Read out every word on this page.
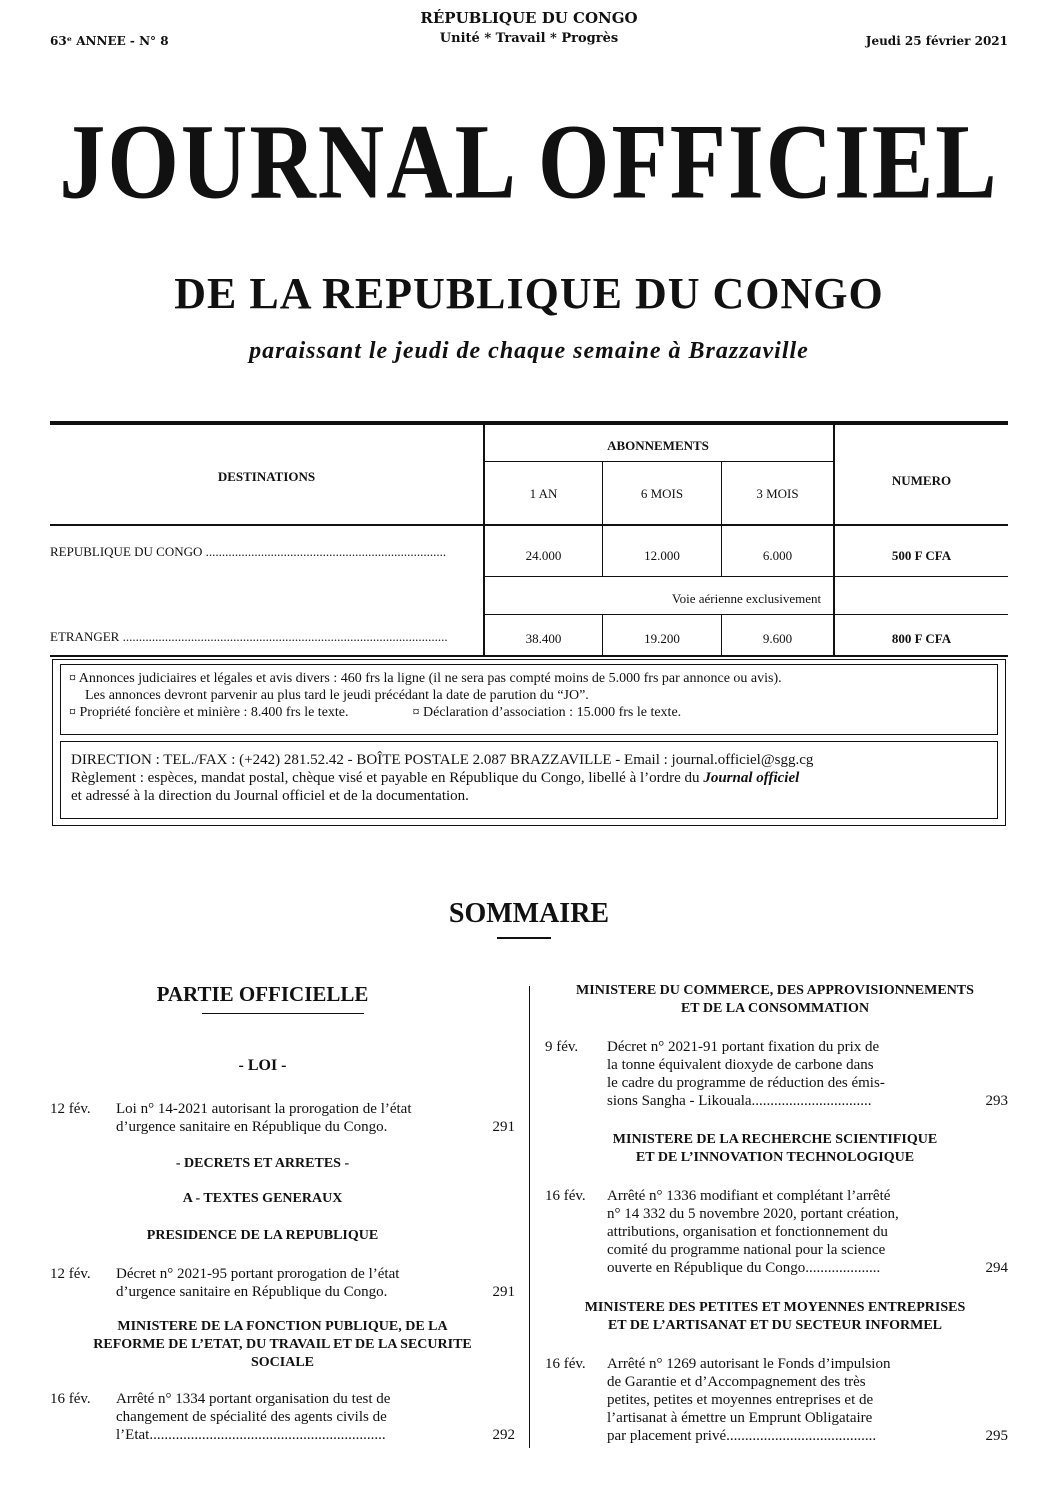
RÉPUBLIQUE DU CONGO
Unité * Travail * Progrès
63ᵉ ANNEE - N° 8	Jeudi 25 février 2021
JOURNAL OFFICIEL
DE LA REPUBLIQUE DU CONGO
paraissant le jeudi de chaque semaine à Brazzaville
DESTINATIONS
ABONNEMENTS
NUMERO
1 AN	6 MOIS	3 MOIS
REPUBLIQUE DU CONGO ..........................................................................	24.000	12.000	6.000	500 F CFA
Voie aérienne exclusivement
ETRANGER ....................................................................................................	38.400	19.200	9.600	800 F CFA

¤ Annonces judiciaires et légales et avis divers : 460 frs la ligne (il ne sera pas compté moins de 5.000 frs par annonce ou avis).

Les annonces devront parvenir au plus tard le jeudi précédant la date de parution du “JO”.

¤ Propriété foncière et minière : 8.400 frs le texte.	¤ Déclaration d’association : 15.000 frs le texte.

DIRECTION : TEL./FAX : (+242) 281.52.42 - BOÎTE POSTALE 2.087 BRAZZAVILLE - Email : journal.officiel@sgg.cg

Règlement : espèces, mandat postal, chèque visé et payable en République du Congo, libellé à l’ordre du Journal officiel

et adressé à la direction du Journal officiel et de la documentation.

SOMMAIRE
PARTIE OFFICIELLE
- LOI -
12 fév. Loi n° 14-2021 autorisant la prorogation de l’état
d’urgence sanitaire en République du Congo.	291
- DECRETS ET ARRETES -
A - TEXTES GENERAUX
PRESIDENCE DE LA REPUBLIQUE
12 fév. Décret n° 2021-95 portant prorogation de l’état
d’urgence sanitaire en République du Congo.	291
MINISTERE DE LA FONCTION PUBLIQUE, DE LA
REFORME DE L’ETAT, DU TRAVAIL ET DE LA SECURITE
SOCIALE
16 fév. Arrêté n° 1334 portant organisation du test de
changement de spécialité des agents civils de
l’Etat...............................................................	292
MINISTERE DU COMMERCE, DES APPROVISIONNEMENTS
ET DE LA CONSOMMATION
9 fév. Décret n° 2021-91 portant fixation du prix de
la tonne équivalent dioxyde de carbone dans
le cadre du programme de réduction des émis-
sions Sangha - Likouala................................	293
MINISTERE DE LA RECHERCHE SCIENTIFIQUE
ET DE L’INNOVATION TECHNOLOGIQUE
16 fév. Arrêté n° 1336 modifiant et complétant l’arrêté
n° 14 332 du 5 novembre 2020, portant création,
attributions, organisation et fonctionnement du
comité du programme national pour la science
ouverte en République du Congo....................	294
MINISTERE DES PETITES ET MOYENNES ENTREPRISES
ET DE L’ARTISANAT ET DU SECTEUR INFORMEL
16 fév. Arrêté n° 1269 autorisant le Fonds d’impulsion
de Garantie et d’Accompagnement des très
petites, petites et moyennes entreprises et de
l’artisanat à émettre un Emprunt Obligataire
par placement privé........................................	295
